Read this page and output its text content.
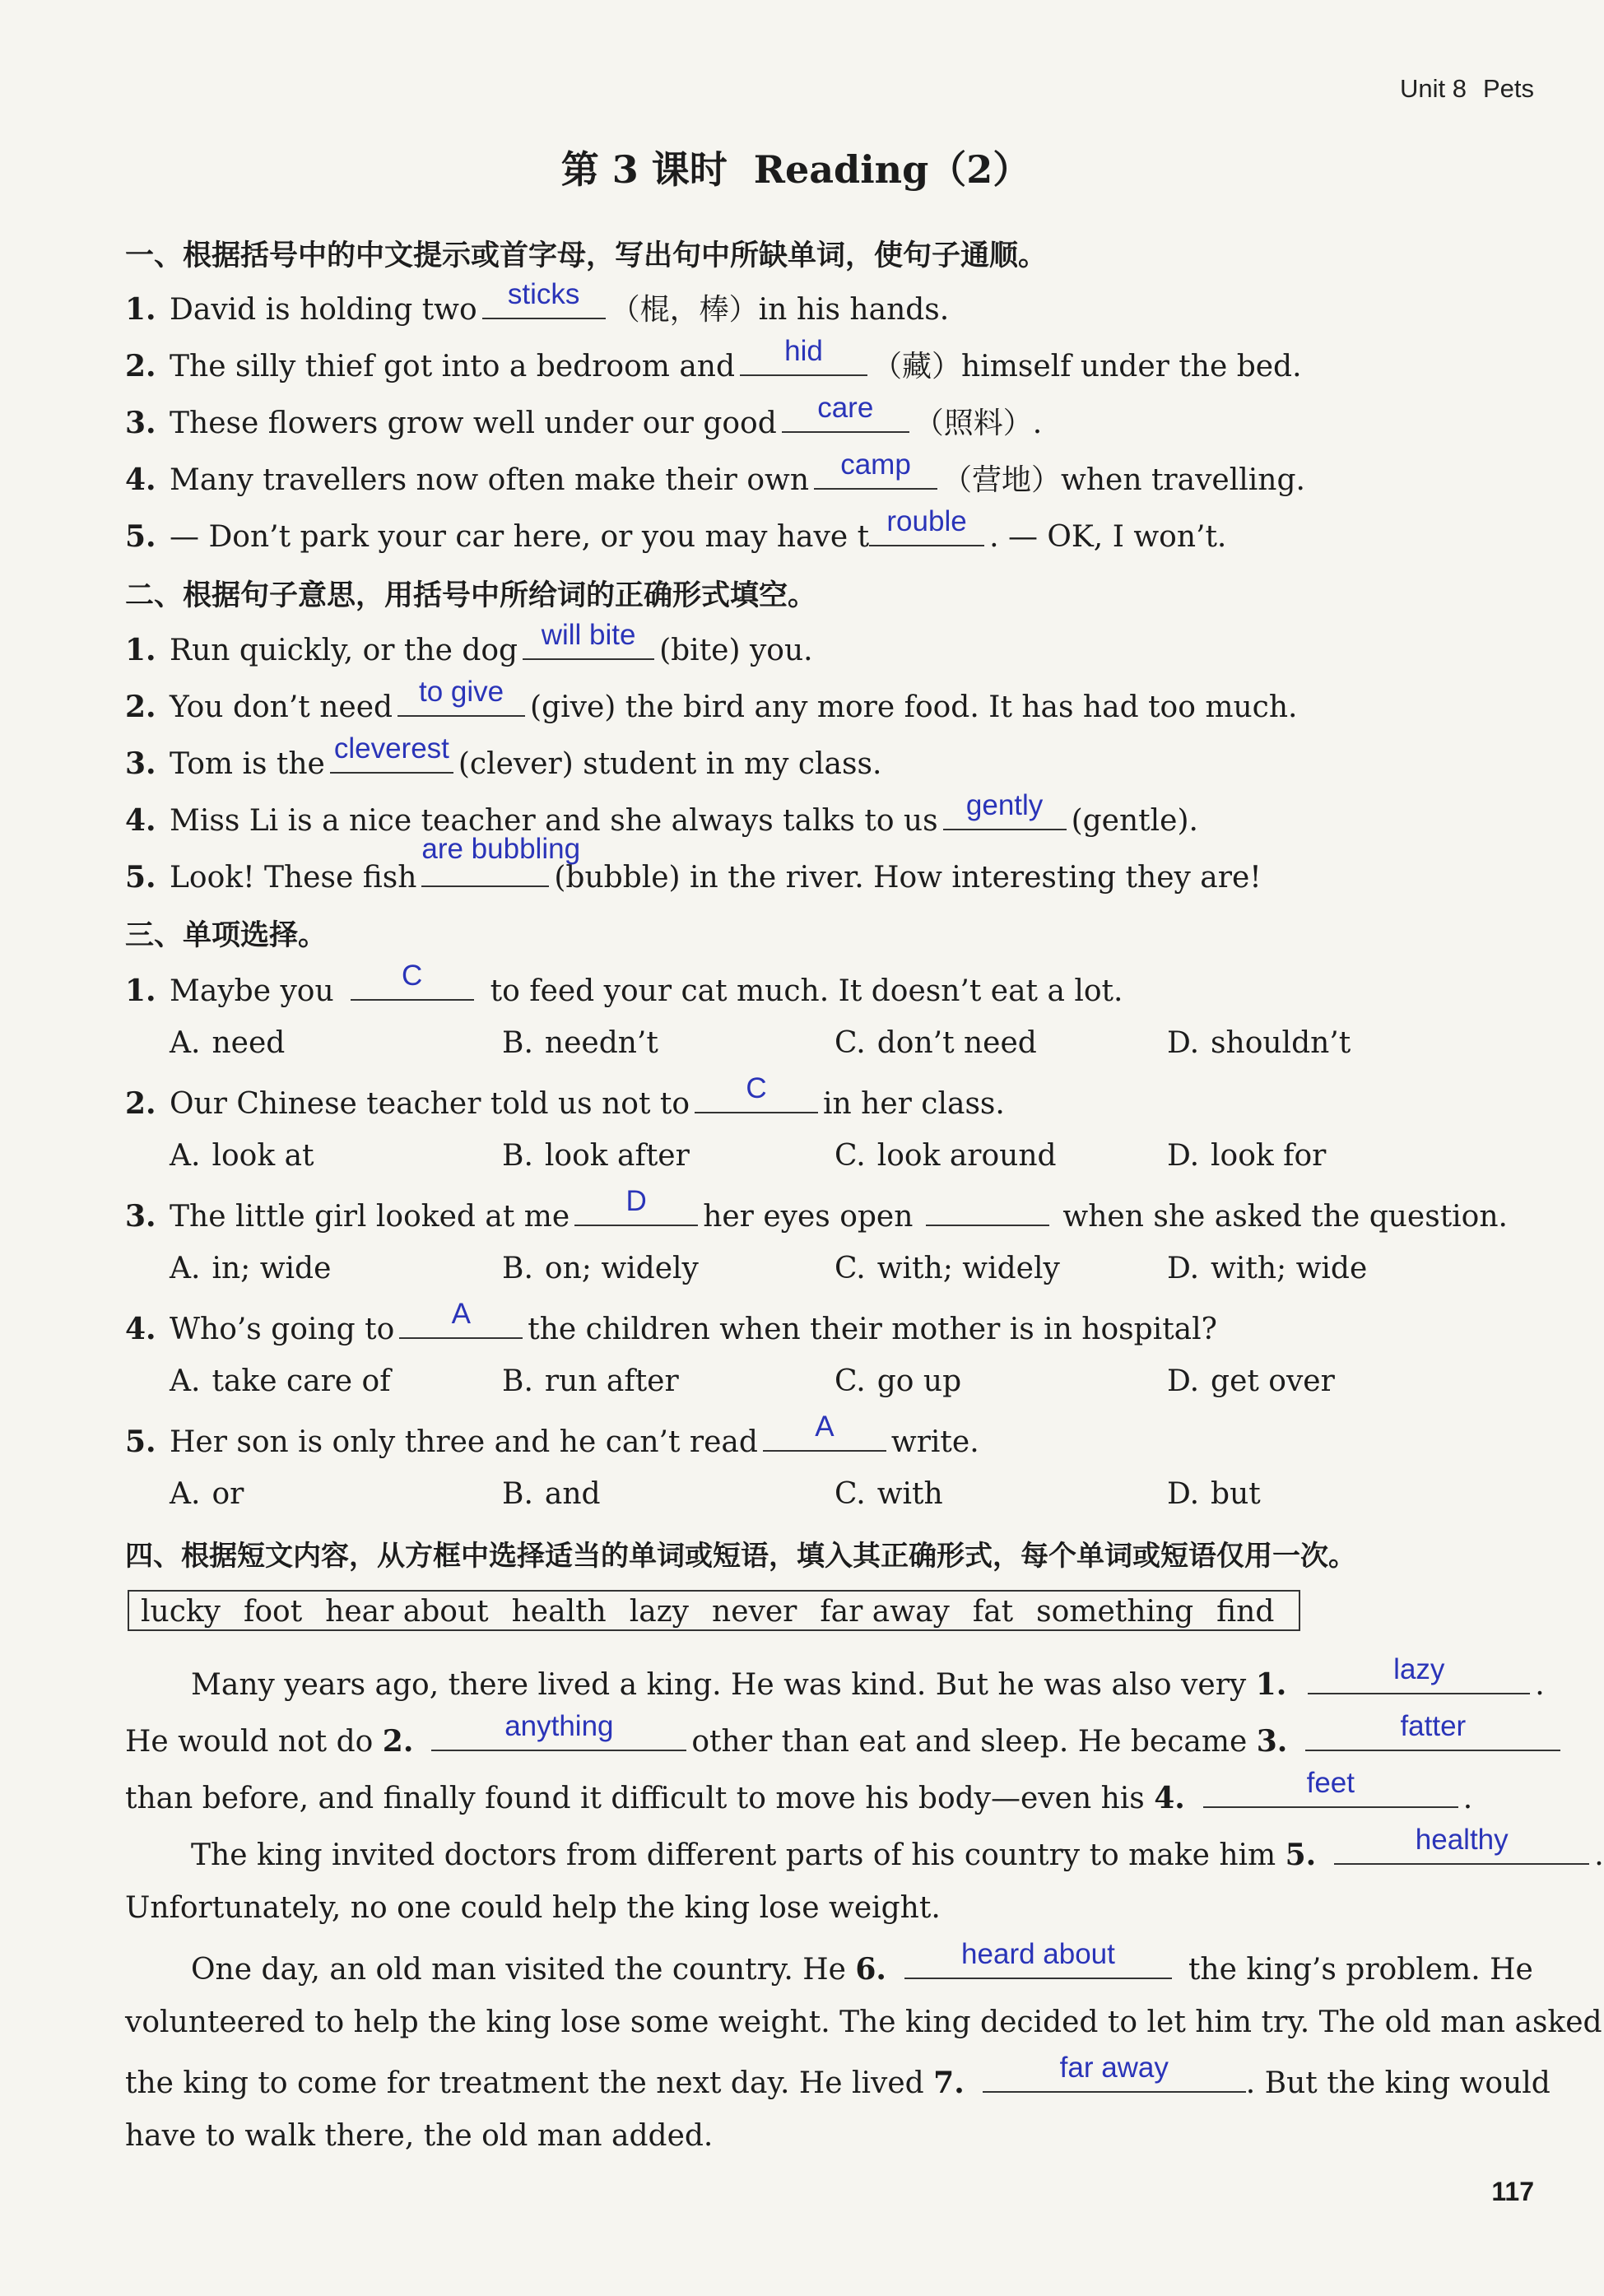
Unit 8 Pets
第 3 课时 Reading（2）
一、根据括号中的中文提示或首字母，写出句中所缺单词，使句子通顺。
1. David is holding two	sticks	（棍，棒）in his hands.
2. The silly thief got into a bedroom and	hid	（藏）himself under the bed.
3. These flowers grow well under our good	care	（照料）.
4. Many travellers now often make their own	camp	（营地）when travelling.
5. — Don’t park your car here, or you may have t rouble . — OK, I won’t.
二、根据句子意思，用括号中所给词的正确形式填空。
1. Run quickly, or the dog will bite (bite) you.
2. You don’t need to give (give) the bird any more food. It has had too much.
3. Tom is the cleverest (clever) student in my class.
4. Miss Li is a nice teacher and she always talks to us gently (gentle).
5. Look! These fish
are bubbling
(bubble) in the river. How interesting they are!
三、单项选择。
1. Maybe you	C	to feed your cat much. It doesn’t eat a lot.
A. need	B. needn’t	C. don’t need	D. shouldn’t
2. Our Chinese teacher told us not to	C	in her class.
A. look at	B. look after	C. look around	D. look for
3. The little girl looked at me	D	her eyes open	when she asked the question.
A. in; wide	B. on; widely	C. with; widely	D. with; wide
4. Who’s going to	A	the children when their mother is in hospital?
A. take care of	B. run after	C. go up	D. get over
5. Her son is only three and he can’t read	A	write.
A. or	B. and	C. with	D. but
四、根据短文内容，从方框中选择适当的单词或短语，填入其正确形式，每个单词或短语仅用一次。
lucky foot hear about health lazy never far away fat something find
Many years ago, there lived a king. He was kind. But he was also very 1.	lazy	.
He would not do 2.	anything	other than eat and sleep. He became 3.	fatter
than before, and finally found it difficult to move his body—even his 4.	feet	.
The king invited doctors from different parts of his country to make him 5.	healthy	.
Unfortunately, no one could help the king lose weight.
One day, an old man visited the country. He 6.	heard about	the king’s problem. He
volunteered to help the king lose some weight. The king decided to let him try. The old man asked
the king to come for treatment the next day. He lived 7.	far away	. But the king would
have to walk there, the old man added.
117
